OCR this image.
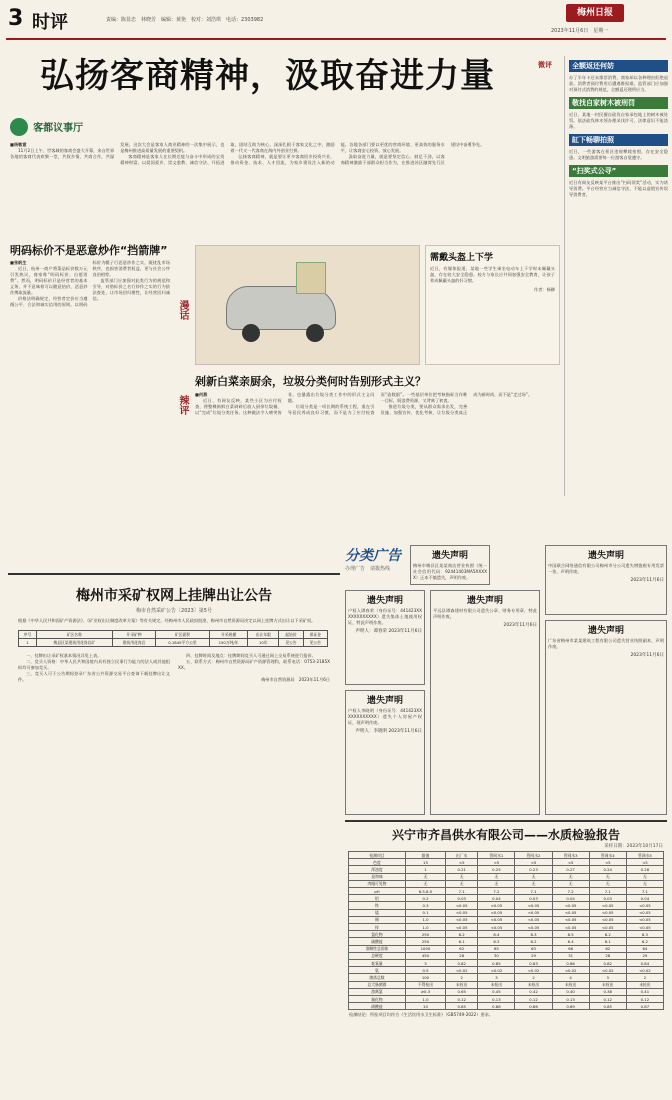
3 时评	责编：陈显忠　林晓芳　编辑：黄艳　校对：刘浩琪　电话：2303982
梅州日报
2023年11月6日　星期一
弘扬客商精神，汲取奋进力量
客都议事厅
■杨敏意

11月2日上午，世客城的客商会盛大开幕，来自世界各地的客商代表欢聚一堂，共叙乡情，共商合作，共谋发展。这次大会是客家人商业精神的一次集中展示，也是梅州推进高质量发展的重要契机。

客商精神是客家人在长期迁徙与奋斗中形成的宝贵精神财富，以爱国爱乡、崇文重教、诚信守法、开拓进取、团结互助为核心，深深扎根于客家文化之中，激励着一代又一代客商在海内外创业打拼。

弘扬客商精神，就是要让更多客商回乡投资兴业，推动资金、技术、人才回流，为家乡建设注入新的动能。各地各部门要以更优的营商环境、更高效的服务水平，让客商安心投资、放心发展。

汲取奋进力量，就是要坚定信心、鼓足干劲，以客商精神激励干部群众担当作为，在推进苏区融湾先行区建设中奋勇争先。

明码标价不是恶意炒作“挡箭牌”
■张帆生

近日，杭州一商户将菜品标价数万元引发热议，商家称“明码标价、自愿消费”。然而，明码标价只是经营者的基本义务，并不意味着可以随意抬价、恶意炒作博取流量。

价格法明确规定，经营者定价应当遵循公平、合法和诚实信用的原则。以明码标价为幌子行恶意炒作之实，既扰乱市场秩序，也损害消费者权益，更与社会公序良俗相悖。

监管部门应加强对此类行为的规范和引导，对借标价之名行炒作之实的行为依法查处，让市场回归理性，让经营回归诚信。

漫话
需戴头盔上下学
近日，有媒体报道，某地一些学生乘坐电动车上下学时未佩戴头盔，存在较大安全隐患。校方与家长应共同加强安全教育，让孩子养成佩戴头盔的好习惯。
作者：杨柳
剁新白菜亲厨余，垃圾分类何时告别形式主义？
辣评
■何燕

近日，有网友反映，某些小区为应付检查，将整棵新鲜白菜剁碎后放入厨余垃圾桶，以“完成”垃圾分类任务。这种做法令人啼笑皆非，也暴露出垃圾分类工作中的形式主义问题。

垃圾分类是一项长期的系统工程，重在引导居民养成良好习惯，而不是为了应付检查而“造数据”。一些基层单位把考核指标当作唯一目标，既浪费资源，又背离了初衷。

推进垃圾分类，要从群众需求出发，完善设施、加强宣传、优化考核，让垃圾分类真正成为新时尚，而不是“走过场”。

微评	全额返还何妨
办了半年卡还未推荐消费，商家却以各种理由拒绝退款。消费者预付费用后遭遇维权难，监管部门应加强对预付式消费的规范，全额返还理所应当。
敬找自家树木被刑罚
近日，某地一村民擅自砍伐自家承包地上的树木被处罚。依法砍伐林木须办理采伐许可，法律意识不能淡薄。
缸下畅聊拍照
近日，一些游客在景区违规攀爬拍照，存在安全隐患。文明旅游需要每一位游客自觉遵守。
“扫奖式公寻”
近日有网友反映某平台推出“扫码领奖”活动，实为诱导消费。平台经营应当诚信守法，不能以虚假宣传误导消费者。
梅州市采矿权网上挂牌出让公告
梅市自然采矿公告〔2023〕第5号
根据《中华人民共和国矿产资源法》、《矿业权出让制度改革方案》等有关规定，经梅州市人民政府批准，梅州市自然资源局决定以网上挂牌方式出让以下采矿权。
序号	矿区名称	开采矿种	矿区面积	开采规模	出让年限	起始价	保证金
1	梅县区某建筑用花岗岩矿	建筑用花岗岩	0.1845平方公里	150万吨/年	10年	见公告	见公告

一、挂牌出让采矿权基本情况详见上表。

二、竞买人资格：中华人民共和国境内具有独立民事行为能力的法人或其他组织均可参加竞买。

三、竞买人可于公告期间登录广东省公共资源交易平台查询下载挂牌出让文件。

四、挂牌时间及地点：挂牌期间竞买人可通过网上交易系统进行报价。

五、联系方式：梅州市自然资源局矿产资源管理科，联系电话：0753-2185XXX。

梅州市自然资源局　2023年11月6日

分类广告
办理广告　请拨热线
遗失声明
梅州市梅县区某某商店营业执照（统一社会信用代码：92441403MA5XXXXX）正本不慎遗失，声明作废。
遗失声明
户权人谭春荣（身份证号：441423XXXXXXXXXXXX）遗失集体土地使用权证，特此声明作废。
声明人：谭春荣 2023年11月6日
遗失声明
户权人李晓明（身份证号：441423XXXXXXXXXXXX）遗失个人房屋产权证，现声明作废。
声明人：李晓明 2023年11月6日
遗失声明
平远县谭森建材有限公司遗失公章、财务专用章，特此声明作废。
2023年11月6日
遗失声明
中国联合网络通信有限公司梅州市分公司遗失增值税专用发票一张，声明作废。
2023年11月6日
遗失声明
广东省梅州市某某建筑工程有限公司遗失营业执照副本，声明作废。
2023年11月6日
兴宁市齐昌供水有限公司——水质检验报告
采样日期：2023年10月17日
检测项目	限值	出厂水	管网水1	管网水2	管网水3	管网水4	管网水5
色度	15	<5	<5	<5	<5	<5	<5
浑浊度	1	0.21	0.25	0.23	0.27	0.24	0.26
臭和味	无	无	无	无	无	无	无
肉眼可见物	无	无	无	无	无	无	无
pH	6.5-8.5	7.1	7.2	7.1	7.2	7.1	7.1
铝	0.2	0.03	0.04	0.03	0.04	0.03	0.04
铁	0.3	<0.05	<0.05	<0.05	<0.05	<0.05	<0.05
锰	0.1	<0.05	<0.05	<0.05	<0.05	<0.05	<0.05
铜	1.0	<0.05	<0.05	<0.05	<0.05	<0.05	<0.05
锌	1.0	<0.05	<0.05	<0.05	<0.05	<0.05	<0.05
氯化物	250	8.2	8.4	8.3	8.5	8.2	8.3
硫酸盐	250	6.1	6.3	6.2	6.4	6.1	6.2
溶解性总固体	1000	62	65	63	66	62	64
总硬度	450	28	30	29	31	28	29
耗氧量	3	0.82	0.85	0.83	0.86	0.82	0.84
氨	0.5	<0.02	<0.02	<0.02	<0.02	<0.02	<0.02
菌落总数	100	2	3	2	4	3	2
总大肠菌群	不得检出	未检出	未检出	未检出	未检出	未检出	未检出
游离氯	≥0.3	0.65	0.45	0.42	0.40	0.38	0.41
氟化物	1.0	0.12	0.13	0.12	0.13	0.12	0.12
硝酸盐	10	0.85	0.88	0.86	0.89	0.85	0.87
检测结论：所检项目均符合《生活饮用水卫生标准》（GB5749-2022）要求。
